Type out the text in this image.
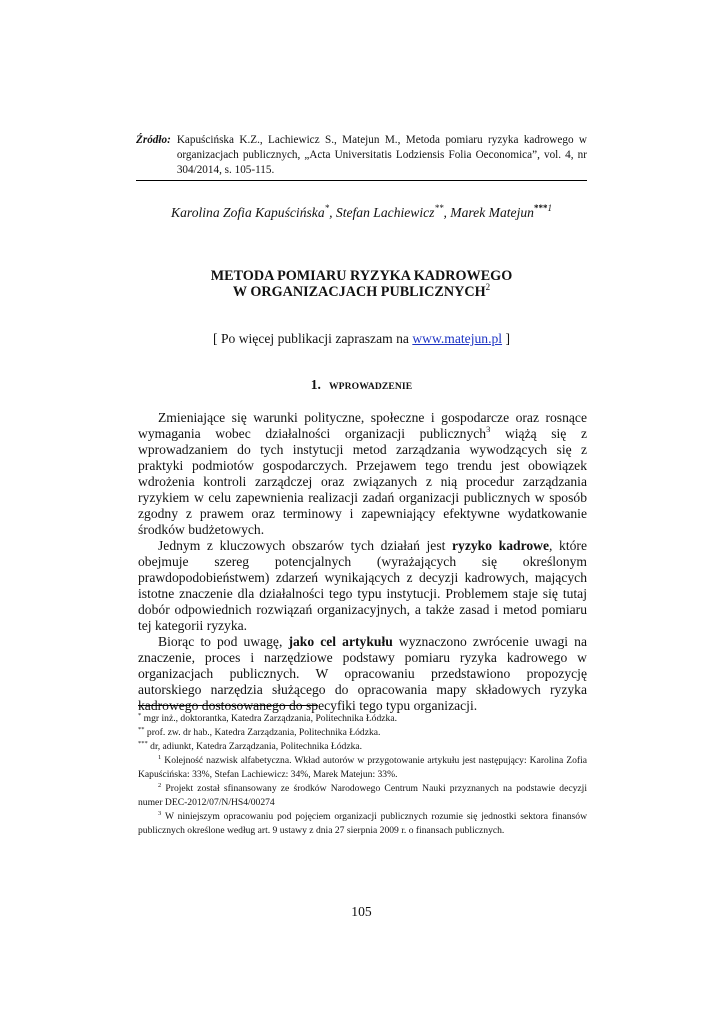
Źródło: Kapuścińska K.Z., Lachiewicz S., Matejun M., Metoda pomiaru ryzyka kadrowego w organizacjach publicznych, „Acta Universitatis Lodziensis Folia Oeconomica”, vol. 4, nr 304/2014, s. 105-115.
Karolina Zofia Kapuścińska*, Stefan Lachiewicz**, Marek Matejun$^{***1}$
METODA POMIARU RYZYKA KADROWEGO
W ORGANIZACJACH PUBLICZNYCH$^2$
[ Po więcej publikacji zapraszam na www.matejun.pl ]
1. WPROWADZENIE

Zmieniające się warunki polityczne, społeczne i gospodarcze oraz rosnące wymagania wobec działalności organizacji publicznych$^3$ wiążą się z wprowadzaniem do tych instytucji metod zarządzania wywodzących się z praktyki podmiotów gospodarczych. Przejawem tego trendu jest obowiązek wdrożenia kontroli zarządczej oraz związanych z nią procedur zarządzania ryzykiem w celu zapewnienia realizacji zadań organizacji publicznych w sposób zgodny z prawem oraz terminowy i zapewniający efektywne wydatkowanie środków budżetowych.

Jednym z kluczowych obszarów tych działań jest ryzyko kadrowe, które obejmuje szereg potencjalnych (wyrażających się określonym prawdopodobieństwem) zdarzeń wynikających z decyzji kadrowych, mających istotne znaczenie dla działalności tego typu instytucji. Problemem staje się tutaj dobór odpowiednich rozwiązań organizacyjnych, a także zasad i metod pomiaru tej kategorii ryzyka.

Biorąc to pod uwagę, jako cel artykułu wyznaczono zwrócenie uwagi na znaczenie, proces i narzędziowe podstawy pomiaru ryzyka kadrowego w organizacjach publicznych. W opracowaniu przedstawiono propozycję autorskiego narzędzia służącego do opracowania mapy składowych ryzyka kadrowego dostosowanego do specyfiki tego typu organizacji.

* mgr inż., doktorantka, Katedra Zarządzania, Politechnika Łódzka.

** prof. zw. dr hab., Katedra Zarządzania, Politechnika Łódzka.

*** dr, adiunkt, Katedra Zarządzania, Politechnika Łódzka.

$^1$ Kolejność nazwisk alfabetyczna. Wkład autorów w przygotowanie artykułu jest następujący: Karolina Zofia Kapuścińska: 33%, Stefan Lachiewicz: 34%, Marek Matejun: 33%.

$^2$ Projekt został sfinansowany ze środków Narodowego Centrum Nauki przyznanych na podstawie decyzji numer DEC-2012/07/N/HS4/00274

$^3$ W niniejszym opracowaniu pod pojęciem organizacji publicznych rozumie się jednostki sektora finansów publicznych określone według art. 9 ustawy z dnia 27 sierpnia 2009 r. o finansach publicznych.

105
